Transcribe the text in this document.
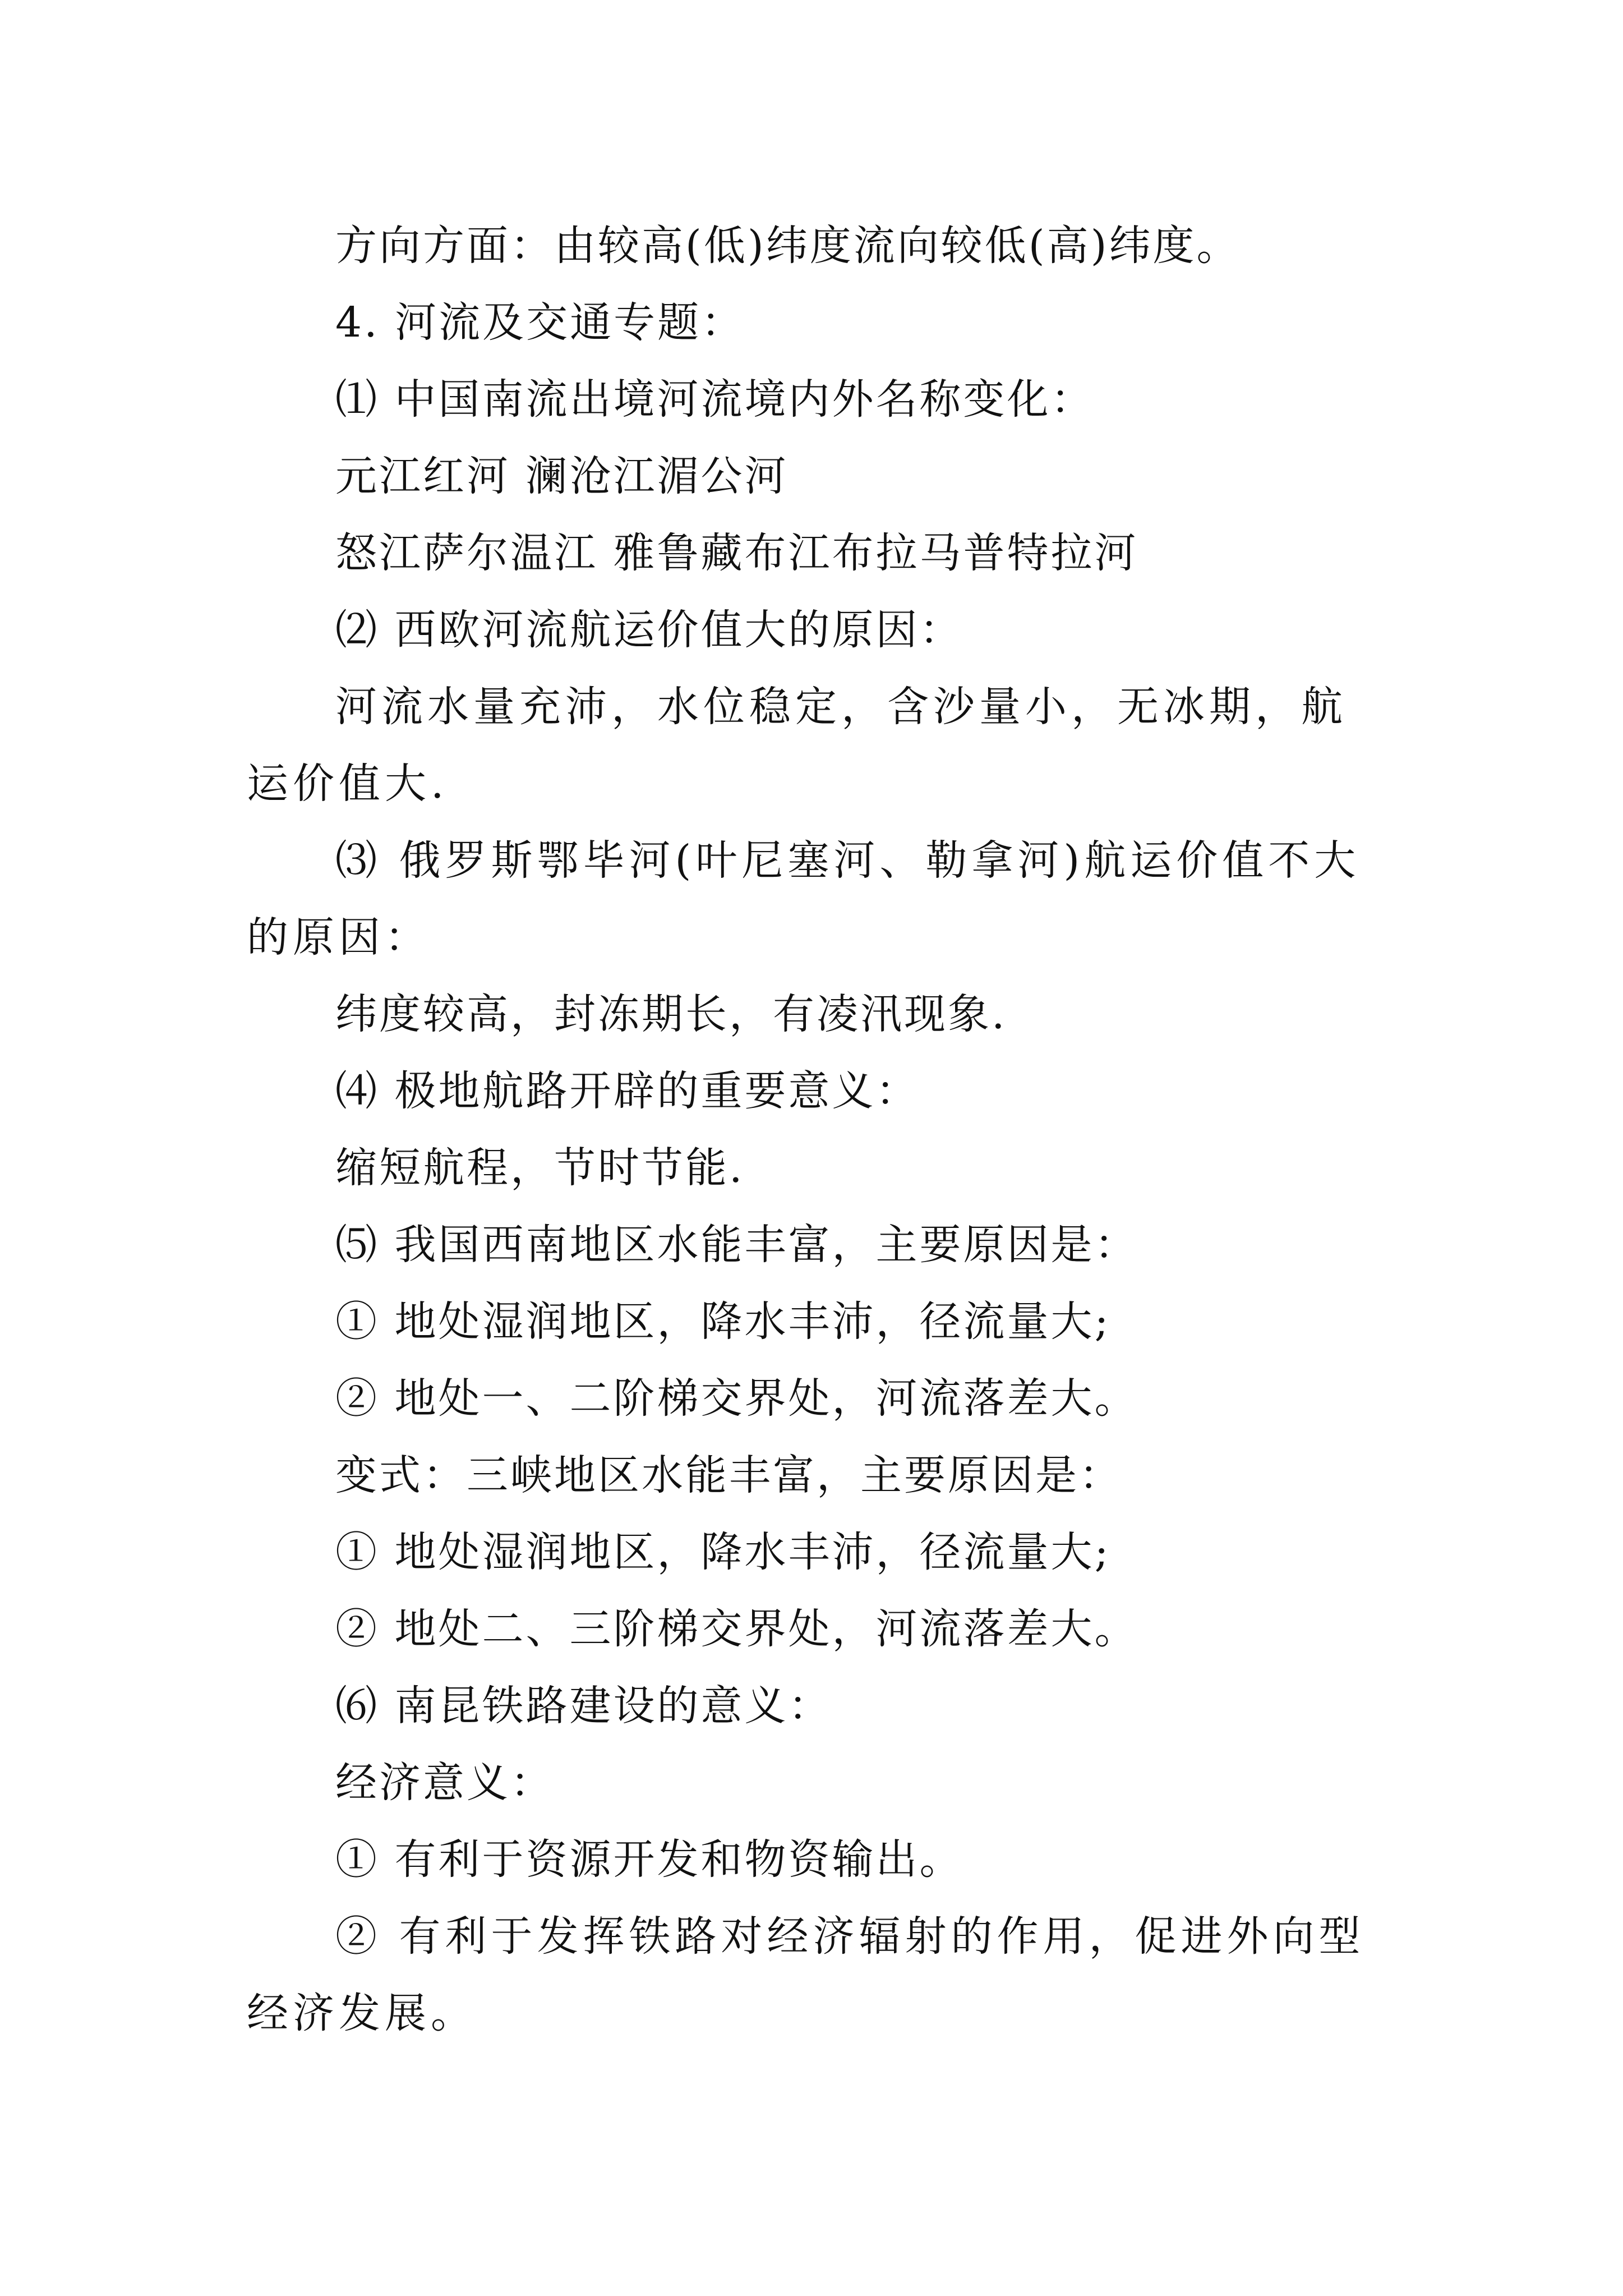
方向方面：由较高(低)纬度流向较低(高)纬度。
4. 河流及交通专题：
⑴ 中国南流出境河流境内外名称变化：
元江红河 澜沧江湄公河
怒江萨尔温江 雅鲁藏布江布拉马普特拉河
⑵ 西欧河流航运价值大的原因：
河流水量充沛，水位稳定，含沙量小，无冰期，航运价值大.
⑶ 俄罗斯鄂毕河(叶尼塞河、勒拿河)航运价值不大的原因：
纬度较高，封冻期长，有凌汛现象.
⑷ 极地航路开辟的重要意义：
缩短航程，节时节能.
⑸ 我国西南地区水能丰富，主要原因是：
① 地处湿润地区，降水丰沛，径流量大;
② 地处一、二阶梯交界处，河流落差大。
变式：三峡地区水能丰富，主要原因是：
① 地处湿润地区，降水丰沛，径流量大;
② 地处二、三阶梯交界处，河流落差大。
⑹ 南昆铁路建设的意义：
经济意义：
① 有利于资源开发和物资输出。
② 有利于发挥铁路对经济辐射的作用，促进外向型经济发展。
